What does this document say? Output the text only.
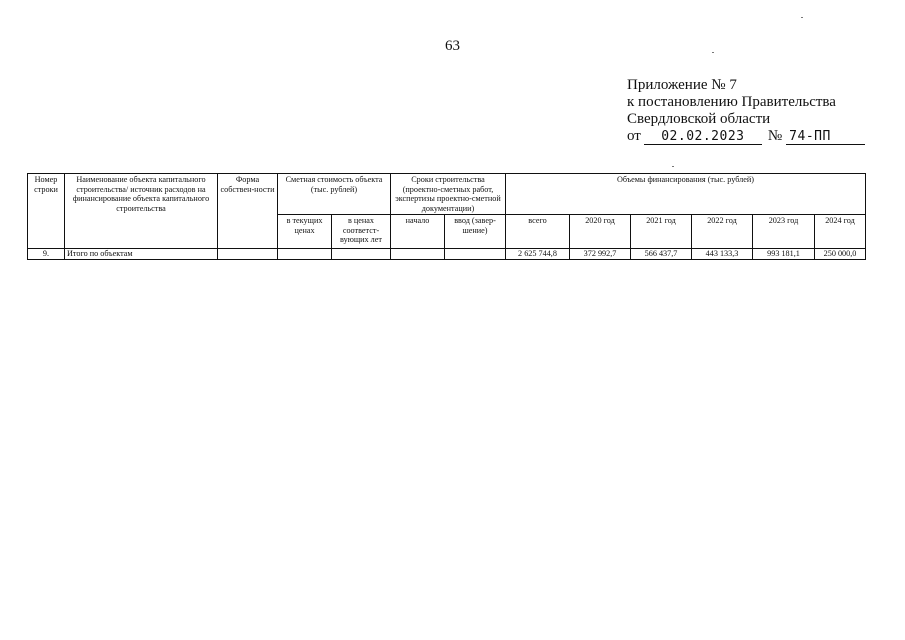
63
Приложение № 7
к постановлению Правительства
Свердловской области
от	02.02.2023	№ 74-ПП
Номер строки	Наименование объекта капитального строительства/ источник расходов на финансирование объекта капитального строительства	Форма собствен-ности	Сметная стоимость объекта (тыс. рублей)		Сроки строительства (проектно-сметных работ, экспертизы проектно-сметной документации)		Объемы финансирования (тыс. рублей)					
			в текущих ценах	в ценах соответст-вующих лет	начало	ввод (завер-шение)	всего	2020 год	2021 год	2022 год	2023 год	2024 год
9.	Итого по объектам						2 625 744,8	372 992,7	566 437,7	443 133,3	993 181,1	250 000,0
